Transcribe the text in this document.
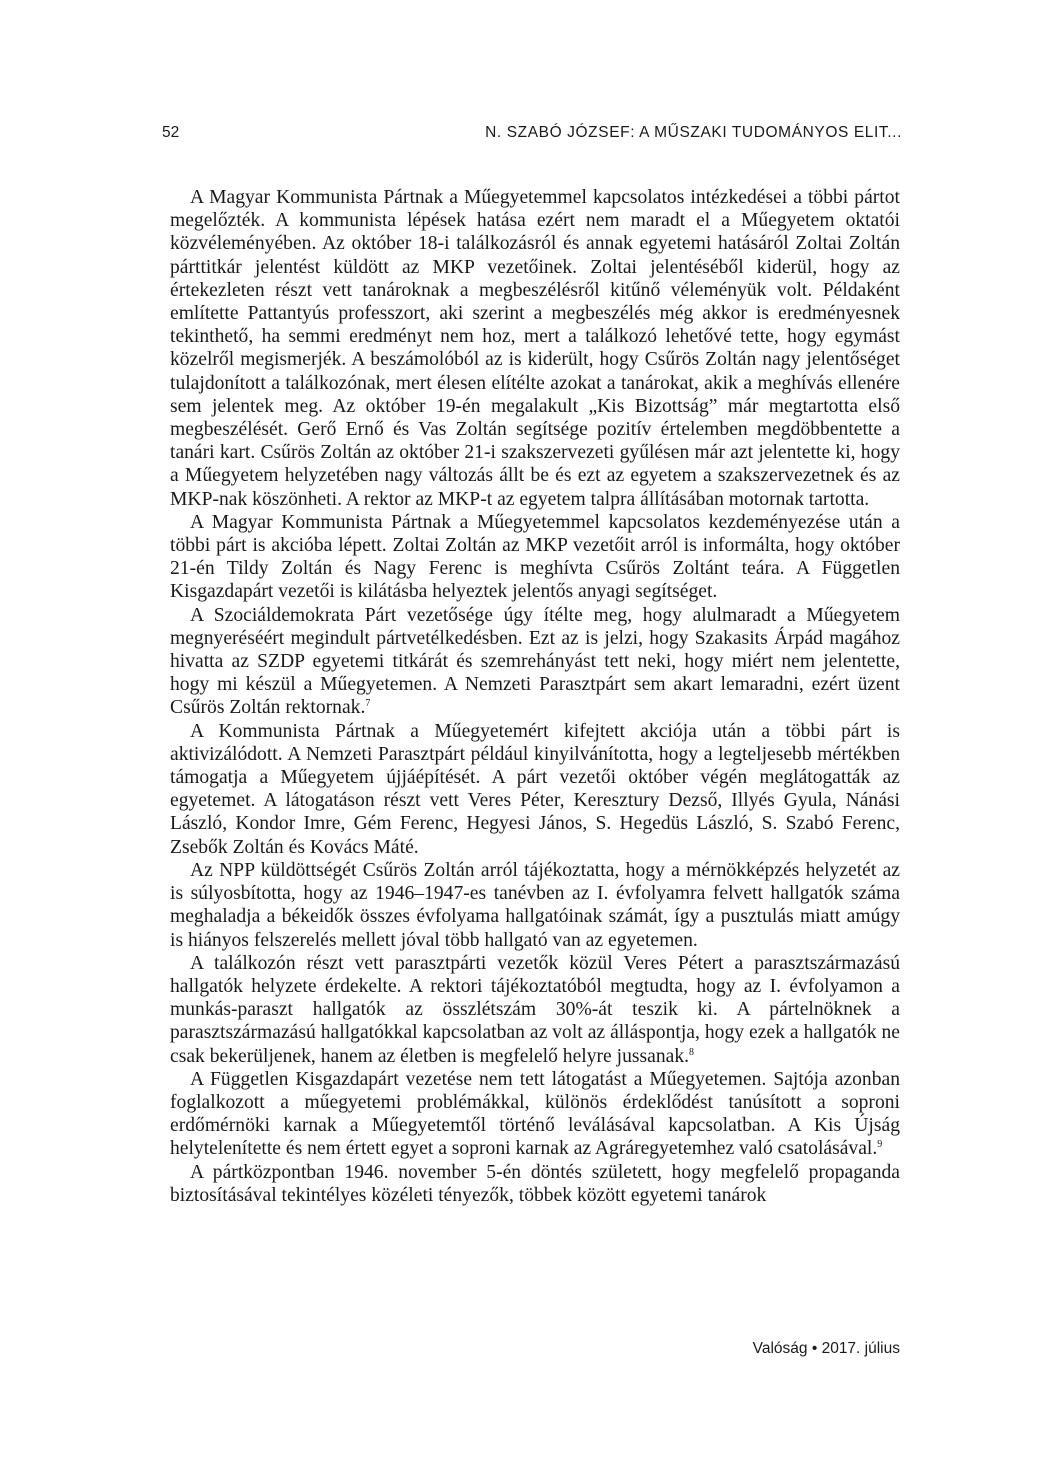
52	N. SZABÓ JÓZSEF: A MŰSZAKI TUDOMÁNYOS ELIT...

A Magyar Kommunista Pártnak a Műegyetemmel kapcsolatos intézkedései a többi pártot megelőzték. A kommunista lépések hatása ezért nem maradt el a Műegyetem oktatói közvéleményében. Az október 18-i találkozásról és annak egyetemi hatásáról Zoltai Zoltán párttitkár jelentést küldött az MKP vezetőinek. Zoltai jelentéséből kiderül, hogy az értekezleten részt vett tanároknak a megbeszélésről kitűnő véleményük volt. Példaként említette Pattantyús professzort, aki szerint a megbeszélés még akkor is eredményesnek tekinthető, ha semmi eredményt nem hoz, mert a találkozó lehetővé tette, hogy egymást közelről megismerjék. A beszámolóból az is kiderült, hogy Csűrös Zoltán nagy jelentőséget tulajdonított a találkozónak, mert élesen elítélte azokat a tanárokat, akik a meghívás ellenére sem jelentek meg. Az október 19-én megalakult „Kis Bizottság” már megtartotta első megbeszélését. Gerő Ernő és Vas Zoltán segítsége pozitív értelemben megdöbbentette a tanári kart. Csűrös Zoltán az október 21-i szakszervezeti gyűlésen már azt jelentette ki, hogy a Műegyetem helyzetében nagy változás állt be és ezt az egyetem a szakszervezetnek és az MKP-nak köszönheti. A rektor az MKP-t az egyetem talpra állításában motornak tartotta.

A Magyar Kommunista Pártnak a Műegyetemmel kapcsolatos kezdeményezése után a többi párt is akcióba lépett. Zoltai Zoltán az MKP vezetőit arról is informálta, hogy október 21-én Tildy Zoltán és Nagy Ferenc is meghívta Csűrös Zoltánt teára. A Független Kisgazdapárt vezetői is kilátásba helyeztek jelentős anyagi segítséget.

A Szociáldemokrata Párt vezetősége úgy ítélte meg, hogy alulmaradt a Műegyetem megnyeréséért megindult pártvetélkedésben. Ezt az is jelzi, hogy Szakasits Árpád magához hivatta az SZDP egyetemi titkárát és szemrehányást tett neki, hogy miért nem jelentette, hogy mi készül a Műegyetemen. A Nemzeti Parasztpárt sem akart lemaradni, ezért üzent Csűrös Zoltán rektornak.$^7$

A Kommunista Pártnak a Műegyetemért kifejtett akciója után a többi párt is aktivizálódott. A Nemzeti Parasztpárt például kinyilvánította, hogy a legteljesebb mértékben támogatja a Műegyetem újjáépítését. A párt vezetői október végén meglátogatták az egyetemet. A látogatáson részt vett Veres Péter, Keresztury Dezső, Illyés Gyula, Nánási László, Kondor Imre, Gém Ferenc, Hegyesi János, S. Hegedüs László, S. Szabó Ferenc, Zsebők Zoltán és Kovács Máté.

Az NPP küldöttségét Csűrös Zoltán arról tájékoztatta, hogy a mérnökképzés helyzetét az is súlyosbította, hogy az 1946–1947-es tanévben az I. évfolyamra felvett hallgatók száma meghaladja a békeidők összes évfolyama hallgatóinak számát, így a pusztulás miatt amúgy is hiányos felszerelés mellett jóval több hallgató van az egyetemen.

A találkozón részt vett parasztpárti vezetők közül Veres Pétert a parasztszármazású hallgatók helyzete érdekelte. A rektori tájékoztatóból megtudta, hogy az I. évfolyamon a munkás-paraszt hallgatók az összlétszám 30%-át teszik ki. A pártelnöknek a parasztszármazású hallgatókkal kapcsolatban az volt az álláspontja, hogy ezek a hallgatók ne csak bekerüljenek, hanem az életben is megfelelő helyre jussanak.$^8$

A Független Kisgazdapárt vezetése nem tett látogatást a Műegyetemen. Sajtója azonban foglalkozott a műegyetemi problémákkal, különös érdeklődést tanúsított a soproni erdőmérnöki karnak a Műegyetemtől történő leválásával kapcsolatban. A Kis Újság helytelenítette és nem értett egyet a soproni karnak az Agráregyetemhez való csatolásával.$^9$

A pártközpontban 1946. november 5-én döntés született, hogy megfelelő propaganda biztosításával tekintélyes közéleti tényezők, többek között egyetemi tanárok

Valóság • 2017. július
